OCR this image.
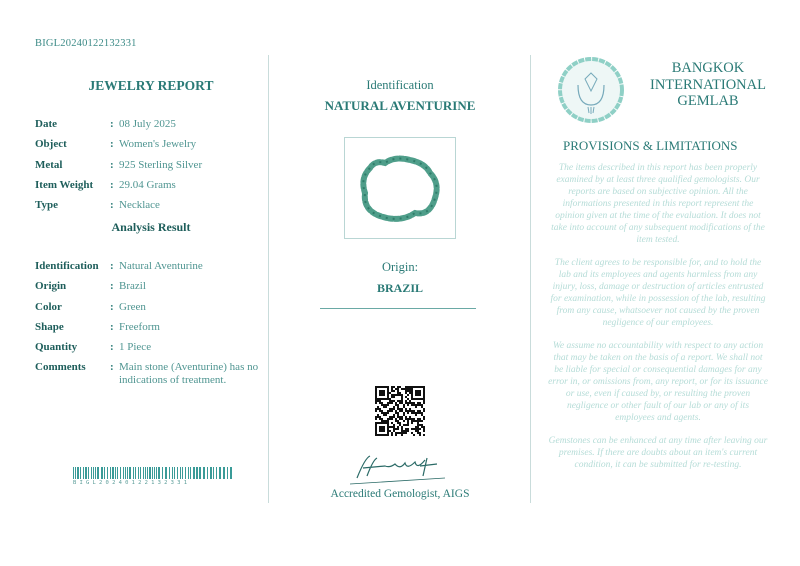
BIGL20240122132331
JEWELRY REPORT
Date	: 08 July 2025
Object	: Women's Jewelry
Metal	: 925 Sterling Silver
Item Weight	: 29.04 Grams
Type	: Necklace
Analysis Result
Identification	: Natural Aventurine
Origin	: Brazil
Color	: Green
Shape	: Freeform
Quantity	: 1 Piece
Comments	: Main stone (Aventurine) has no indications of treatment.
BIGL20240122132331
Identification
NATURAL AVENTURINE
Origin:
BRAZIL
Accredited Gemologist, AIGS
BANGKOK INTERNATIONAL GEMLAB
PROVISIONS & LIMITATIONS

The items described in this report has been properly examined by at least three qualified gemologists. Our reports are based on subjective opinion. All the informations presented in this report represent the opinion given at the time of the evaluation. It does not take into account of any subsequent modifications of the item tested.

The client agrees to be responsible for, and to hold the lab and its employees and agents harmless from any injury, loss, damage or destruction of articles entrusted for examination, while in possession of the lab, resulting from any cause, whatsoever not caused by the proven negligence of our employees.

We assume no accountability with respect to any action that may be taken on the basis of a report. We shall not be liable for special or consequential damages for any error in, or omissions from, any report, or for its issuance or use, even if caused by, or resulting the proven negligence or other fault of our lab or any of its employees and agents.

Gemstones can be enhanced at any time after leaving our premises. If there are doubts about an item's current condition, it can be submitted for re-testing.
